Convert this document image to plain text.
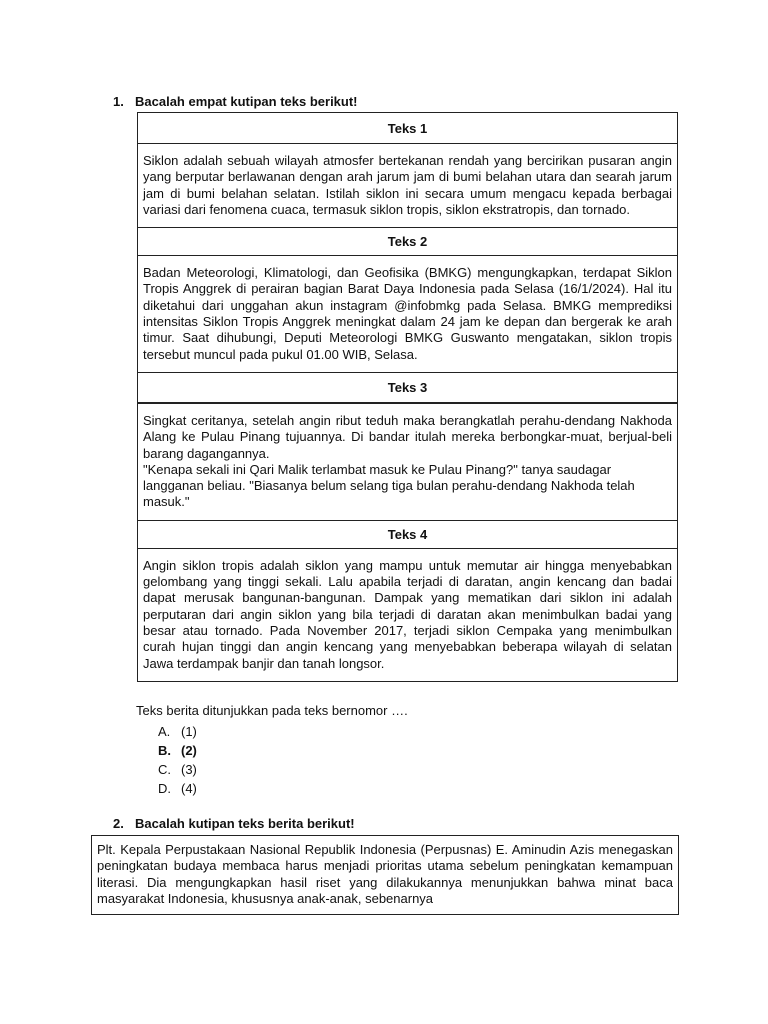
1. Bacalah empat kutipan teks berikut!
Teks 1
Siklon adalah sebuah wilayah atmosfer bertekanan rendah yang bercirikan pusaran angin yang berputar berlawanan dengan arah jarum jam di bumi belahan utara dan searah jarum jam di bumi belahan selatan. Istilah siklon ini secara umum mengacu kepada berbagai variasi dari fenomena cuaca, termasuk siklon tropis, siklon ekstratropis, dan tornado.
Teks 2
Badan Meteorologi, Klimatologi, dan Geofisika (BMKG) mengungkapkan, terdapat Siklon Tropis Anggrek di perairan bagian Barat Daya Indonesia pada Selasa (16/1/2024). Hal itu diketahui dari unggahan akun instagram @infobmkg pada Selasa. BMKG memprediksi intensitas Siklon Tropis Anggrek meningkat dalam 24 jam ke depan dan bergerak ke arah timur. Saat dihubungi, Deputi Meteorologi BMKG Guswanto mengatakan, siklon tropis tersebut muncul pada pukul 01.00 WIB, Selasa.
Teks 3

Singkat ceritanya, setelah angin ribut teduh maka berangkatlah perahu-dendang Nakhoda Alang ke Pulau Pinang tujuannya. Di bandar itulah mereka berbongkar-muat, berjual-beli barang dagangannya.
"Kenapa sekali ini Qari Malik terlambat masuk ke Pulau Pinang?" tanya saudagar langganan beliau. "Biasanya belum selang tiga bulan perahu-dendang Nakhoda telah masuk."

Teks 4
Angin siklon tropis adalah siklon yang mampu untuk memutar air hingga menyebabkan gelombang yang tinggi sekali. Lalu apabila terjadi di daratan, angin kencang dan badai dapat merusak bangunan-bangunan. Dampak yang mematikan dari siklon ini adalah perputaran dari angin siklon yang bila terjadi di daratan akan menimbulkan badai yang besar atau tornado. Pada November 2017, terjadi siklon Cempaka yang menimbulkan curah hujan tinggi dan angin kencang yang menyebabkan beberapa wilayah di selatan Jawa terdampak banjir dan tanah longsor.
Teks berita ditunjukkan pada teks bernomor ….
A. (1)
B. (2)
C. (3)
D. (4)
2. Bacalah kutipan teks berita berikut!
Plt. Kepala Perpustakaan Nasional Republik Indonesia (Perpusnas) E. Aminudin Azis menegaskan peningkatan budaya membaca harus menjadi prioritas utama sebelum peningkatan kemampuan literasi. Dia mengungkapkan hasil riset yang dilakukannya menunjukkan bahwa minat baca masyarakat Indonesia, khususnya anak-anak, sebenarnya
